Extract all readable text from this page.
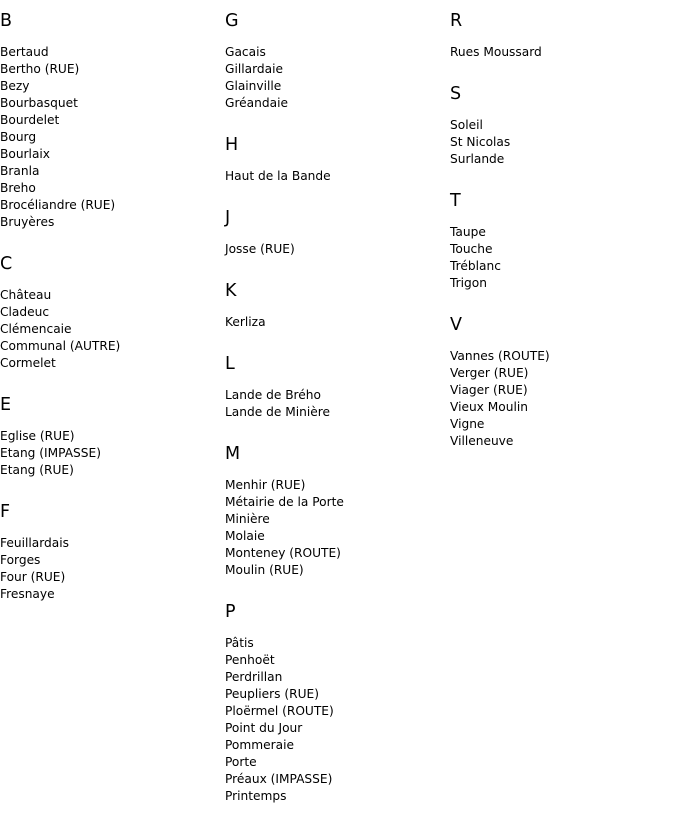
B
Bertaud
Bertho (RUE)
Bezy
Bourbasquet
Bourdelet
Bourg
Bourlaix
Branla
Breho
Brocéliandre (RUE)
Bruyères
C
Château
Cladeuc
Clémencaie
Communal (AUTRE)
Cormelet
E
Eglise (RUE)
Etang (IMPASSE)
Etang (RUE)
F
Feuillardais
Forges
Four (RUE)
Fresnaye
G
Gacais
Gillardaie
Glainville
Gréandaie
H
Haut de la Bande
J
Josse (RUE)
K
Kerliza
L
Lande de Brého
Lande de Minière
M
Menhir (RUE)
Métairie de la Porte
Minière
Molaie
Monteney (ROUTE)
Moulin (RUE)
P
Pâtis
Penhoët
Perdrillan
Peupliers (RUE)
Ploërmel (ROUTE)
Point du Jour
Pommeraie
Porte
Préaux (IMPASSE)
Printemps
R
Rues Moussard
S
Soleil
St Nicolas
Surlande
T
Taupe
Touche
Tréblanc
Trigon
V
Vannes (ROUTE)
Verger (RUE)
Viager (RUE)
Vieux Moulin
Vigne
Villeneuve
